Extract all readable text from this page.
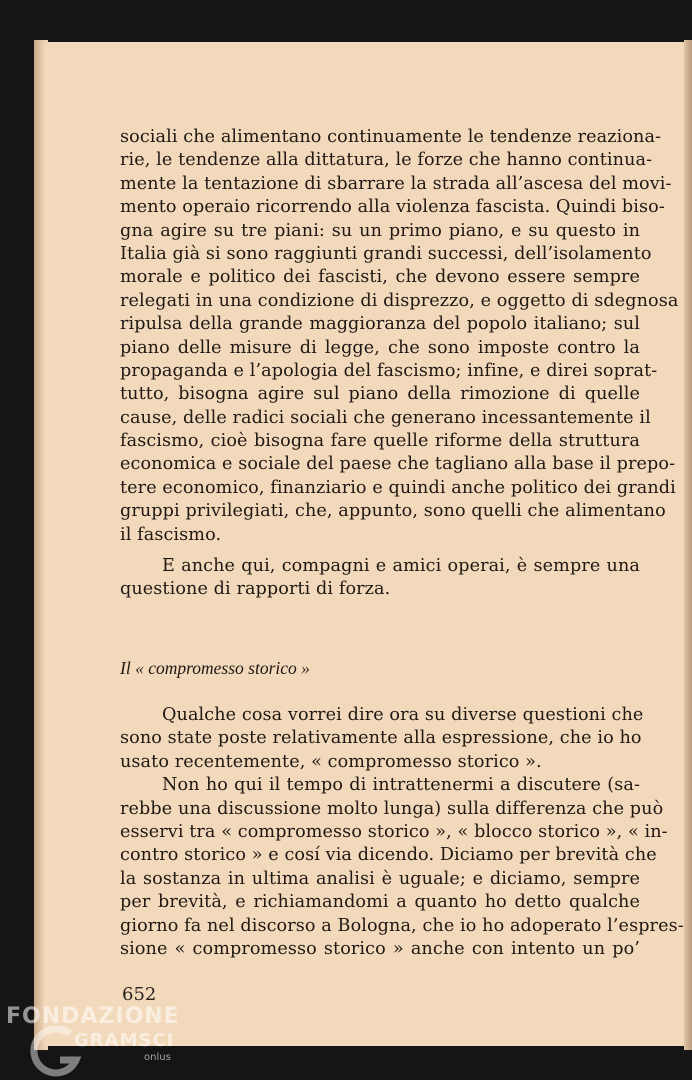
sociali che alimentano continuamente le tendenze reaziona-
rie, le tendenze alla dittatura, le forze che hanno continua-
mente la tentazione di sbarrare la strada all’ascesa del movi-
mento operaio ricorrendo alla violenza fascista. Quindi biso-
gna agire su tre piani: su un primo piano, e su questo in
Italia già si sono raggiunti grandi successi, dell’isolamento
morale e politico dei fascisti, che devono essere sempre
relegati in una condizione di disprezzo, e oggetto di sdegnosa
ripulsa della grande maggioranza del popolo italiano; sul
piano delle misure di legge, che sono imposte contro la
propaganda e l’apologia del fascismo; infine, e direi soprat-
tutto, bisogna agire sul piano della rimozione di quelle
cause, delle radici sociali che generano incessantemente il
fascismo, cioè bisogna fare quelle riforme della struttura
economica e sociale del paese che tagliano alla base il prepo-
tere economico, finanziario e quindi anche politico dei grandi
gruppi privilegiati, che, appunto, sono quelli che alimentano
il fascismo.
E anche qui, compagni e amici operai, è sempre una
questione di rapporti di forza.
Il « compromesso storico »
Qualche cosa vorrei dire ora su diverse questioni che
sono state poste relativamente alla espressione, che io ho
usato recentemente, « compromesso storico ».
Non ho qui il tempo di intrattenermi a discutere (sa-
rebbe una discussione molto lunga) sulla differenza che può
esservi tra « compromesso storico », « blocco storico », « in-
contro storico » e cosí via dicendo. Diciamo per brevità che
la sostanza in ultima analisi è uguale; e diciamo, sempre
per brevità, e richiamandomi a quanto ho detto qualche
giorno fa nel discorso a Bologna, che io ho adoperato l’espres-
sione « compromesso storico » anche con intento un po’
652
FONDAZIONE
GRAMSCI
onlus
